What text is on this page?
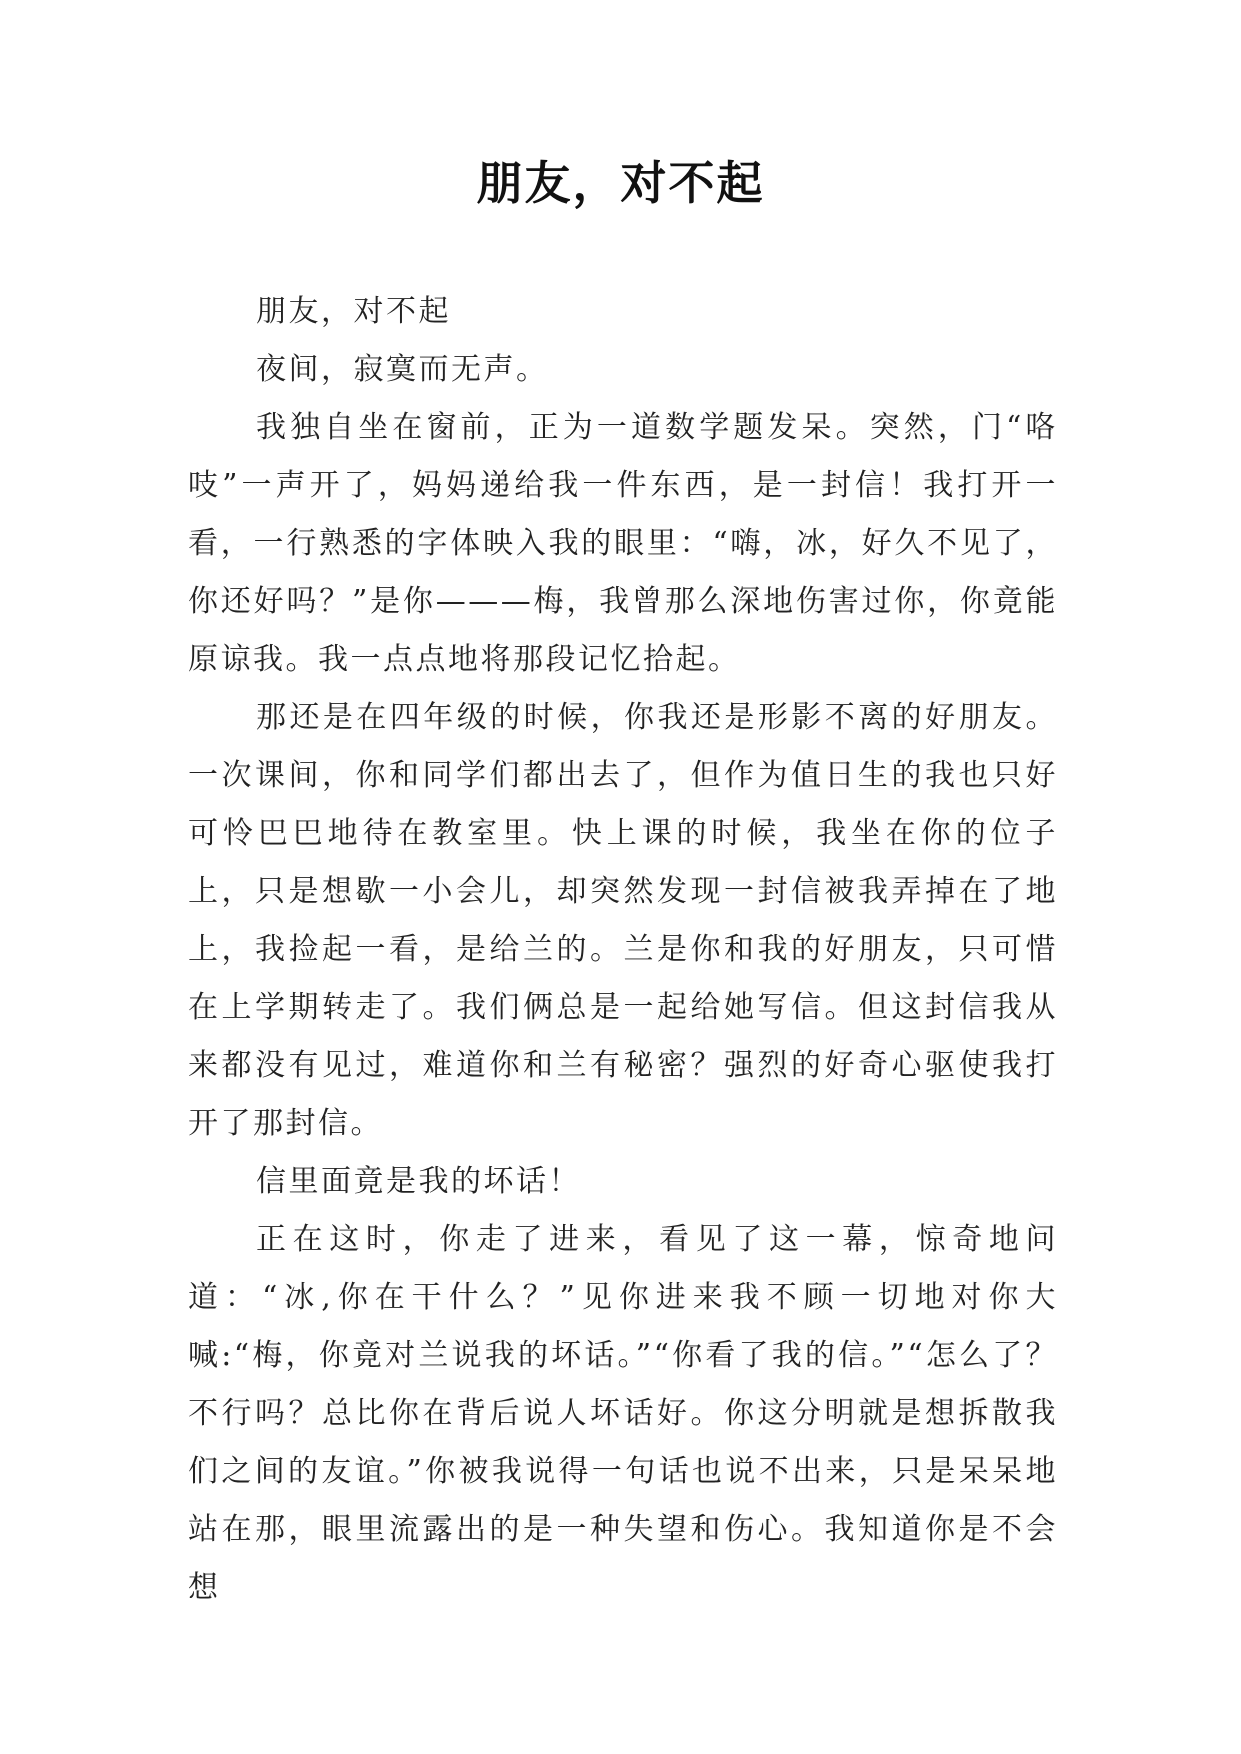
朋友，对不起

朋友，对不起

夜间，寂寞而无声。

我独自坐在窗前，正为一道数学题发呆。突然，门“咯吱”一声开了，妈妈递给我一件东西，是一封信！我打开一看，一行熟悉的字体映入我的眼里：“嗨，冰，好久不见了，你还好吗？”是你———梅，我曾那么深地伤害过你，你竟能原谅我。我一点点地将那段记忆拾起。

那还是在四年级的时候，你我还是形影不离的好朋友。一次课间，你和同学们都出去了，但作为值日生的我也只好可怜巴巴地待在教室里。快上课的时候，我坐在你的位子上，只是想歇一小会儿，却突然发现一封信被我弄掉在了地上，我捡起一看，是给兰的。兰是你和我的好朋友，只可惜在上学期转走了。我们俩总是一起给她写信。但这封信我从来都没有见过，难道你和兰有秘密？强烈的好奇心驱使我打开了那封信。

信里面竟是我的坏话！

正在这时，你走了进来，看见了这一幕，惊奇地问道：“冰,你在干什么？”见你进来我不顾一切地对你大喊:“梅，你竟对兰说我的坏话。”“你看了我的信。”“怎么了？不行吗？总比你在背后说人坏话好。你这分明就是想拆散我们之间的友谊。”你被我说得一句话也说不出来，只是呆呆地站在那，眼里流露出的是一种失望和伤心。我知道你是不会想
